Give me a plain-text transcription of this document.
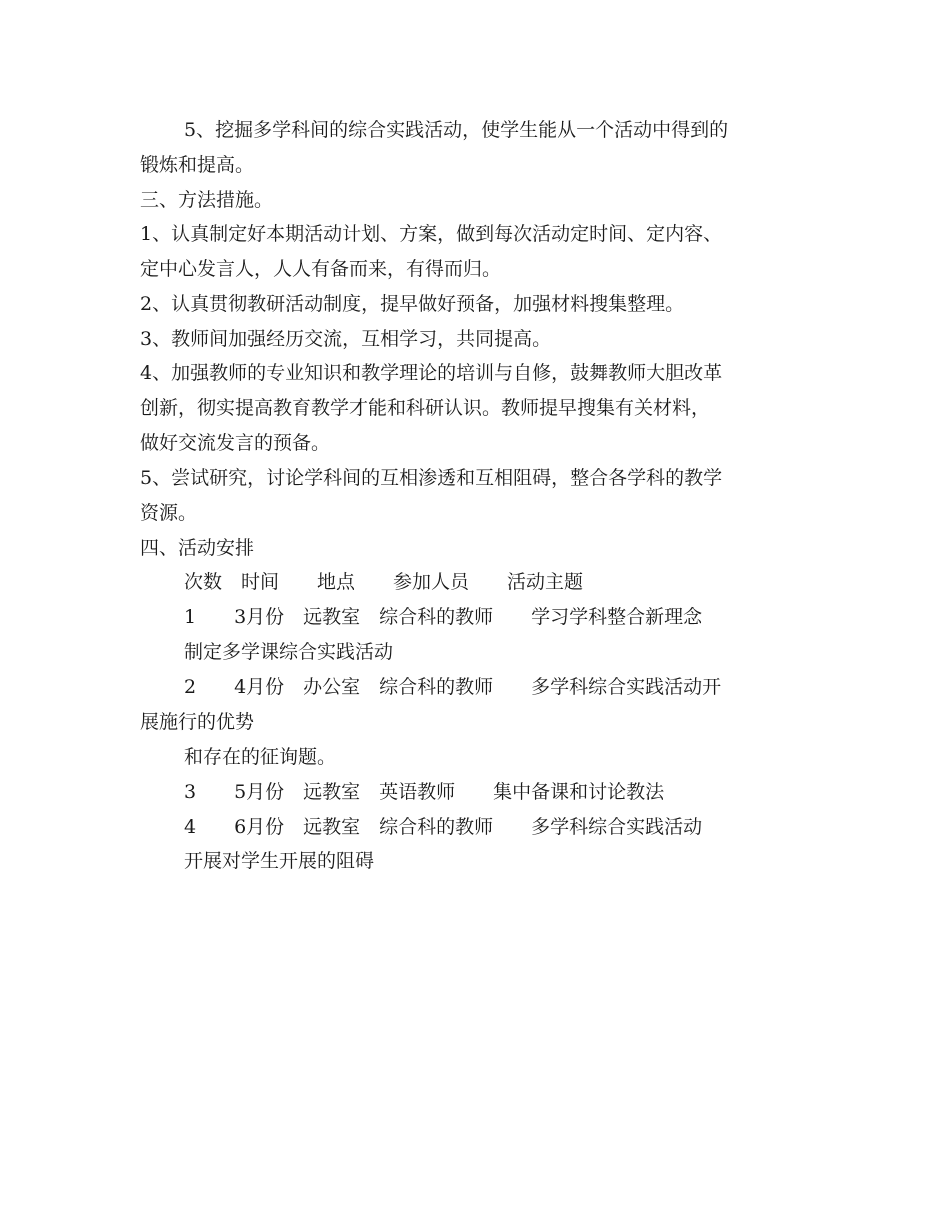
5、挖掘多学科间的综合实践活动，使学生能从一个活动中得到的
锻炼和提高。
三、方法措施。
1、认真制定好本期活动计划、方案，做到每次活动定时间、定内容、
定中心发言人，人人有备而来，有得而归。
2、认真贯彻教研活动制度，提早做好预备，加强材料搜集整理。
3、教师间加强经历交流，互相学习，共同提高。
4、加强教师的专业知识和教学理论的培训与自修，鼓舞教师大胆改革
创新，彻实提高教育教学才能和科研认识。教师提早搜集有关材料，
做好交流发言的预备。
5、尝试研究，讨论学科间的互相渗透和互相阻碍，整合各学科的教学
资源。
四、活动安排
次数　时间　　地点　　参加人员　　活动主题
1　　3月份　远教室　综合科的教师　　学习学科整合新理念
制定多学课综合实践活动
2　　4月份　办公室　综合科的教师　　多学科综合实践活动开
展施行的优势
和存在的征询题。
3　　5月份　远教室　英语教师　　集中备课和讨论教法
4　　6月份　远教室　综合科的教师　　多学科综合实践活动
开展对学生开展的阻碍
